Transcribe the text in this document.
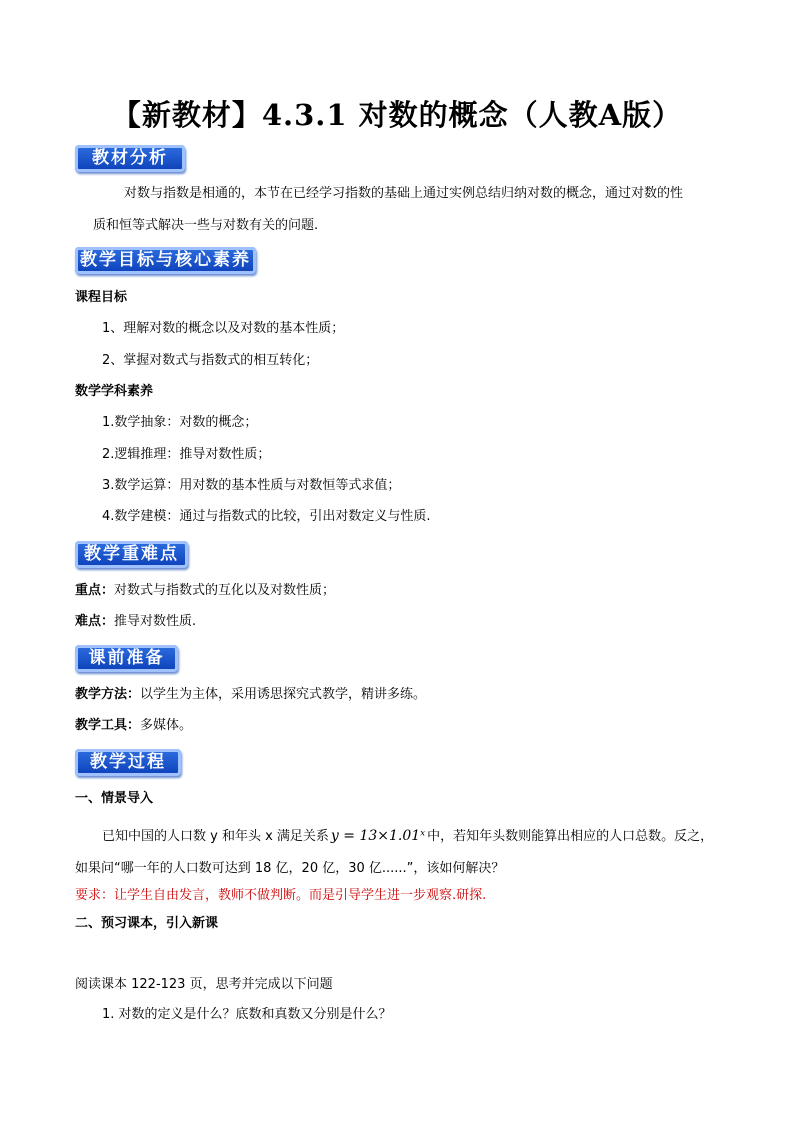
【新教材】4.3.1 对数的概念（人教A版）
教材分析
对数与指数是相通的，本节在已经学习指数的基础上通过实例总结归纳对数的概念，通过对数的性
质和恒等式解决一些与对数有关的问题.
教学目标与核心素养
课程目标
1、理解对数的概念以及对数的基本性质；
2、掌握对数式与指数式的相互转化；
数学学科素养
1.数学抽象：对数的概念；
2.逻辑推理：推导对数性质；
3.数学运算：用对数的基本性质与对数恒等式求值；
4.数学建模：通过与指数式的比较，引出对数定义与性质.
教学重难点
重点：对数式与指数式的互化以及对数性质；
难点：推导对数性质.
课前准备
教学方法：以学生为主体，采用诱思探究式教学，精讲多练。
教学工具：多媒体。
教学过程
一、情景导入
已知中国的人口数 y 和年头 x 满足关系 y = 13×1.01ˣ 中，若知年头数则能算出相应的人口总数。反之，
如果问“哪一年的人口数可达到 18 亿，20 亿，30 亿......”，该如何解决？
要求：让学生自由发言，教师不做判断。而是引导学生进一步观察.研探.
二、预习课本，引入新课
阅读课本 122-123 页，思考并完成以下问题
1. 对数的定义是什么？底数和真数又分别是什么？
